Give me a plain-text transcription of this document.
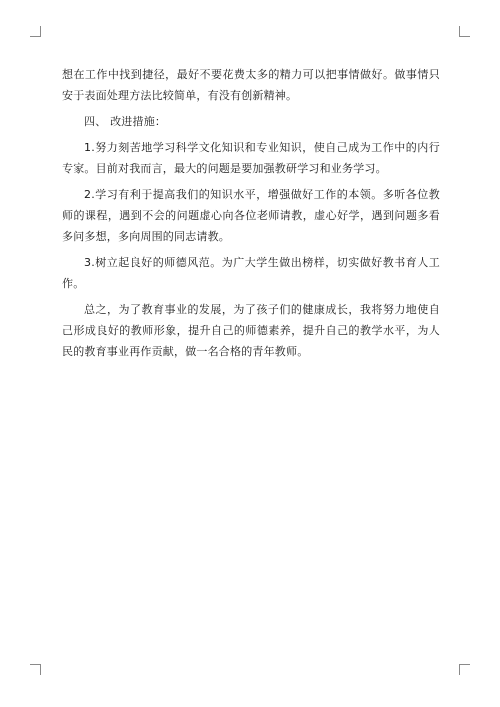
想在工作中找到捷径，最好不要花费太多的精力可以把事情做好。做事情只安于表面处理方法比较简单，有没有创新精神。

四、 改进措施：

1.努力刻苦地学习科学文化知识和专业知识，使自己成为工作中的内行专家。目前对我而言，最大的问题是要加强教研学习和业务学习。

2.学习有利于提高我们的知识水平，增强做好工作的本领。多听各位教师的课程，遇到不会的问题虚心向各位老师请教，虚心好学，遇到问题多看多问多想，多向周围的同志请教。

3.树立起良好的师德风范。为广大学生做出榜样，切实做好教书育人工作。

总之，为了教育事业的发展，为了孩子们的健康成长，我将努力地使自己形成良好的教师形象，提升自己的师德素养，提升自己的教学水平，为人民的教育事业再作贡献，做一名合格的青年教师。
